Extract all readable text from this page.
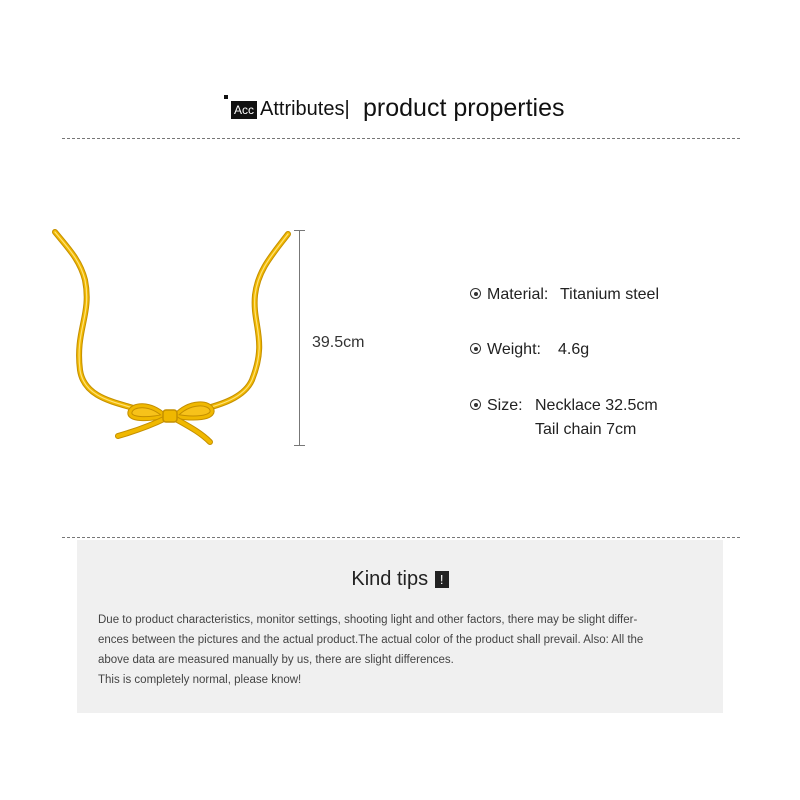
Acc Attributes| product properties
39.5cm
Material: Titanium steel
Weight: 4.6g
Size: Necklace 32.5cm
Tail chain 7cm
Kind tips !
Due to product characteristics, monitor settings, shooting light and other factors, there may be slight differ-
ences between the pictures and the actual product.The actual color of the product shall prevail. Also: All the
above data are measured manually by us, there are slight differences.
This is completely normal, please know!
